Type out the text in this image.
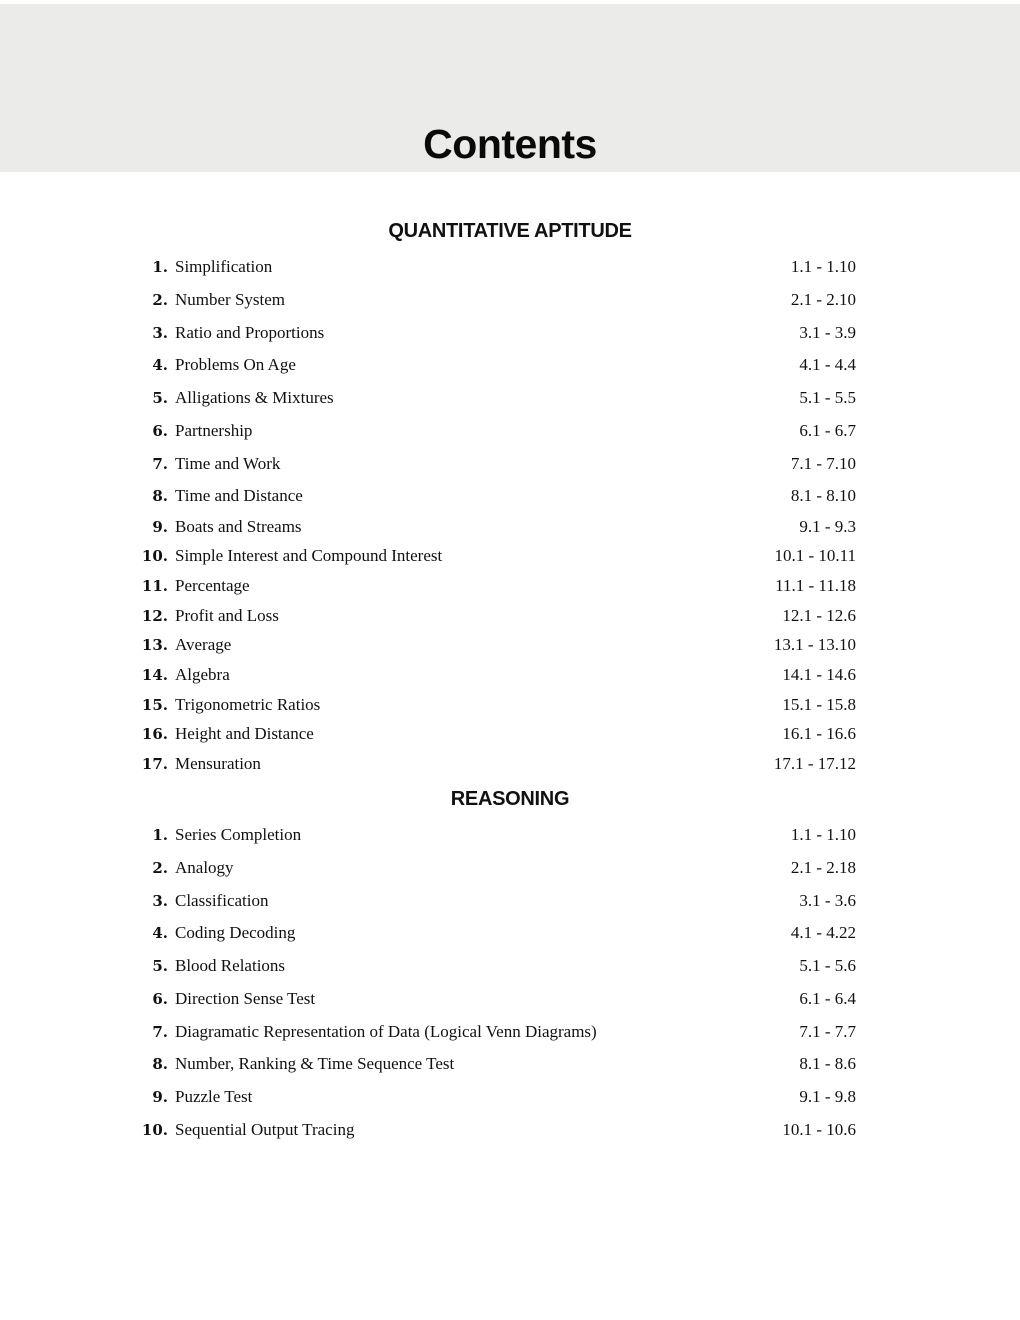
Contents
QUANTITATIVE APTITUDE
1. Simplification	1.1 - 1.10
2. Number System	2.1 - 2.10
3. Ratio and Proportions	3.1 - 3.9
4. Problems On Age	4.1 - 4.4
5. Alligations & Mixtures	5.1 - 5.5
6. Partnership	6.1 - 6.7
7. Time and Work	7.1 - 7.10
8. Time and Distance	8.1 - 8.10
9. Boats and Streams	9.1 - 9.3
10. Simple Interest and Compound Interest	10.1 - 10.11
11. Percentage	11.1 - 11.18
12. Profit and Loss	12.1 - 12.6
13. Average	13.1 - 13.10
14. Algebra	14.1 - 14.6
15. Trigonometric Ratios	15.1 - 15.8
16. Height and Distance	16.1 - 16.6
17. Mensuration	17.1 - 17.12
REASONING
1. Series Completion	1.1 - 1.10
2. Analogy	2.1 - 2.18
3. Classification	3.1 - 3.6
4. Coding Decoding	4.1 - 4.22
5. Blood Relations	5.1 - 5.6
6. Direction Sense Test	6.1 - 6.4
7. Diagramatic Representation of Data (Logical Venn Diagrams)	7.1 - 7.7
8. Number, Ranking & Time Sequence Test	8.1 - 8.6
9. Puzzle Test	9.1 - 9.8
10. Sequential Output Tracing	10.1 - 10.6
